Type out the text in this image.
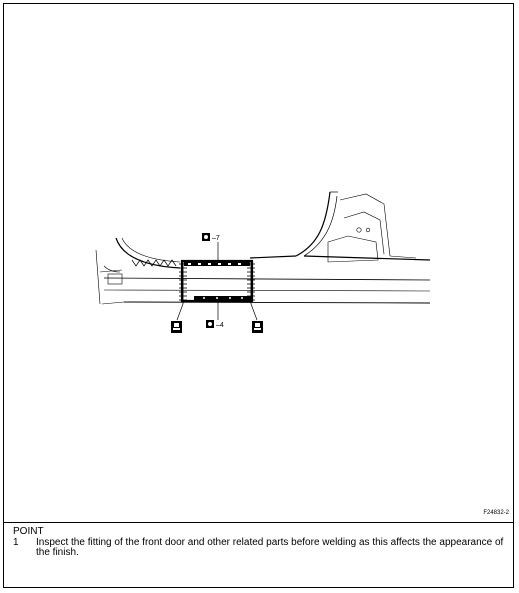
–7
–4
F24832-2
POINT
1	Inspect the fitting of the front door and other related parts before welding as this affects the appearance of the finish.
